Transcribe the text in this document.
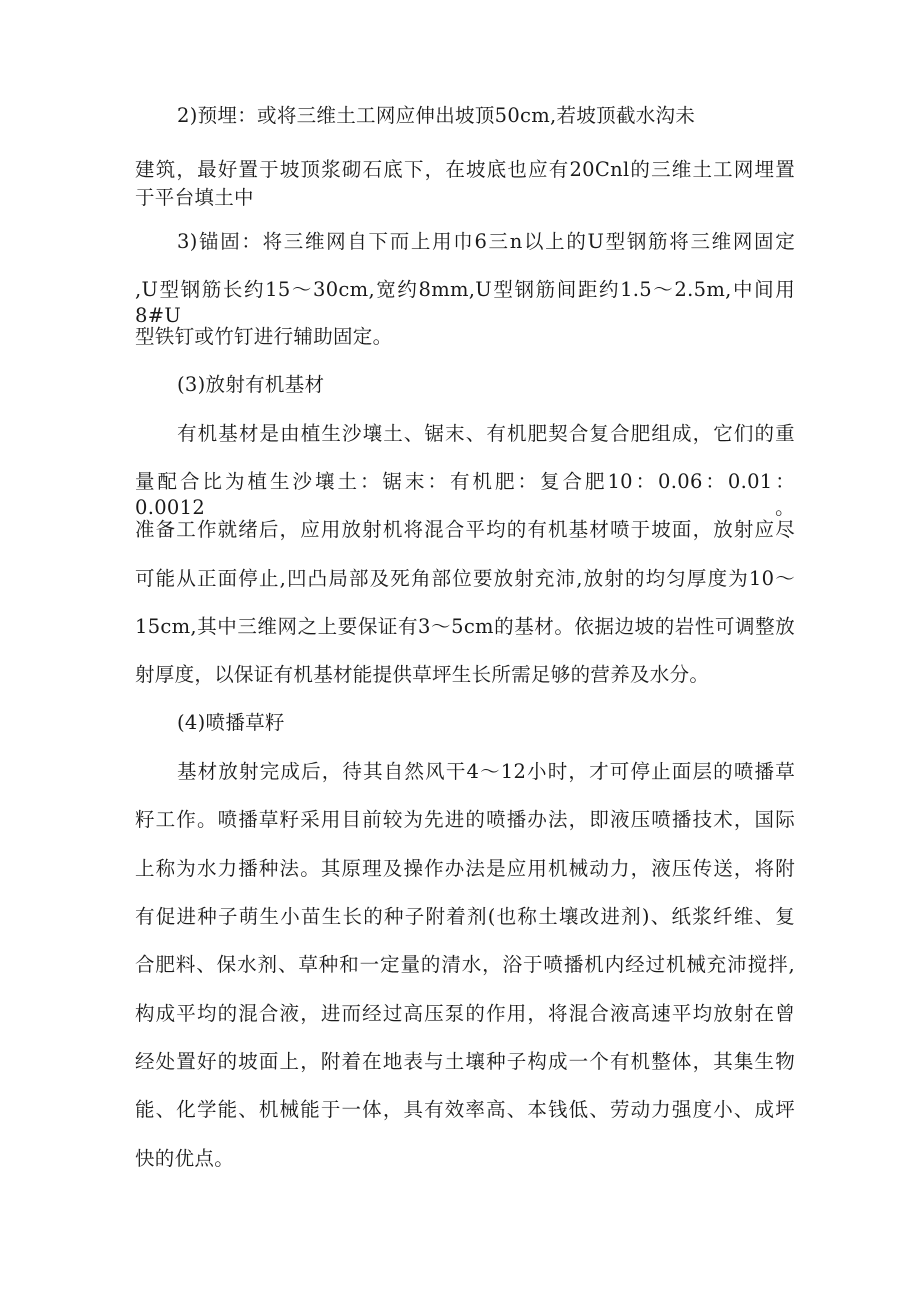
2)预埋：或将三维土工网应伸出坡顶50cm,若坡顶截水沟未
建筑，最好置于坡顶浆砌石底下，在坡底也应有20Cnl的三维土工网埋置
于平台填土中
3)锚固：将三维网自下而上用巾6三n以上的U型钢筋将三维网固定
,U型钢筋长约15～30cm,宽约8mm,U型钢筋间距约1.5～2.5m,中间用8#U
型铁钉或竹钉进行辅助固定。
(3)放射有机基材
有机基材是由植生沙壤土、锯末、有机肥契合复合肥组成，它们的重
量配合比为植生沙壤土：锯末：有机肥：复合肥10：0.06：0.01：0.0012。
准备工作就绪后，应用放射机将混合平均的有机基材喷于坡面，放射应尽
可能从正面停止,凹凸局部及死角部位要放射充沛,放射的均匀厚度为10～
15cm,其中三维网之上要保证有3～5cm的基材。依据边坡的岩性可调整放
射厚度，以保证有机基材能提供草坪生长所需足够的营养及水分。
(4)喷播草籽
基材放射完成后，待其自然风干4～12小时，才可停止面层的喷播草
籽工作。喷播草籽采用目前较为先进的喷播办法，即液压喷播技术，国际
上称为水力播种法。其原理及操作办法是应用机械动力，液压传送，将附
有促进种子萌生小苗生长的种子附着剂(也称土壤改进剂)、纸浆纤维、复
合肥料、保水剂、草种和一定量的清水，浴于喷播机内经过机械充沛搅拌,
构成平均的混合液，进而经过高压泵的作用，将混合液高速平均放射在曾
经处置好的坡面上，附着在地表与土壤种子构成一个有机整体，其集生物
能、化学能、机械能于一体，具有效率高、本钱低、劳动力强度小、成坪
快的优点。
